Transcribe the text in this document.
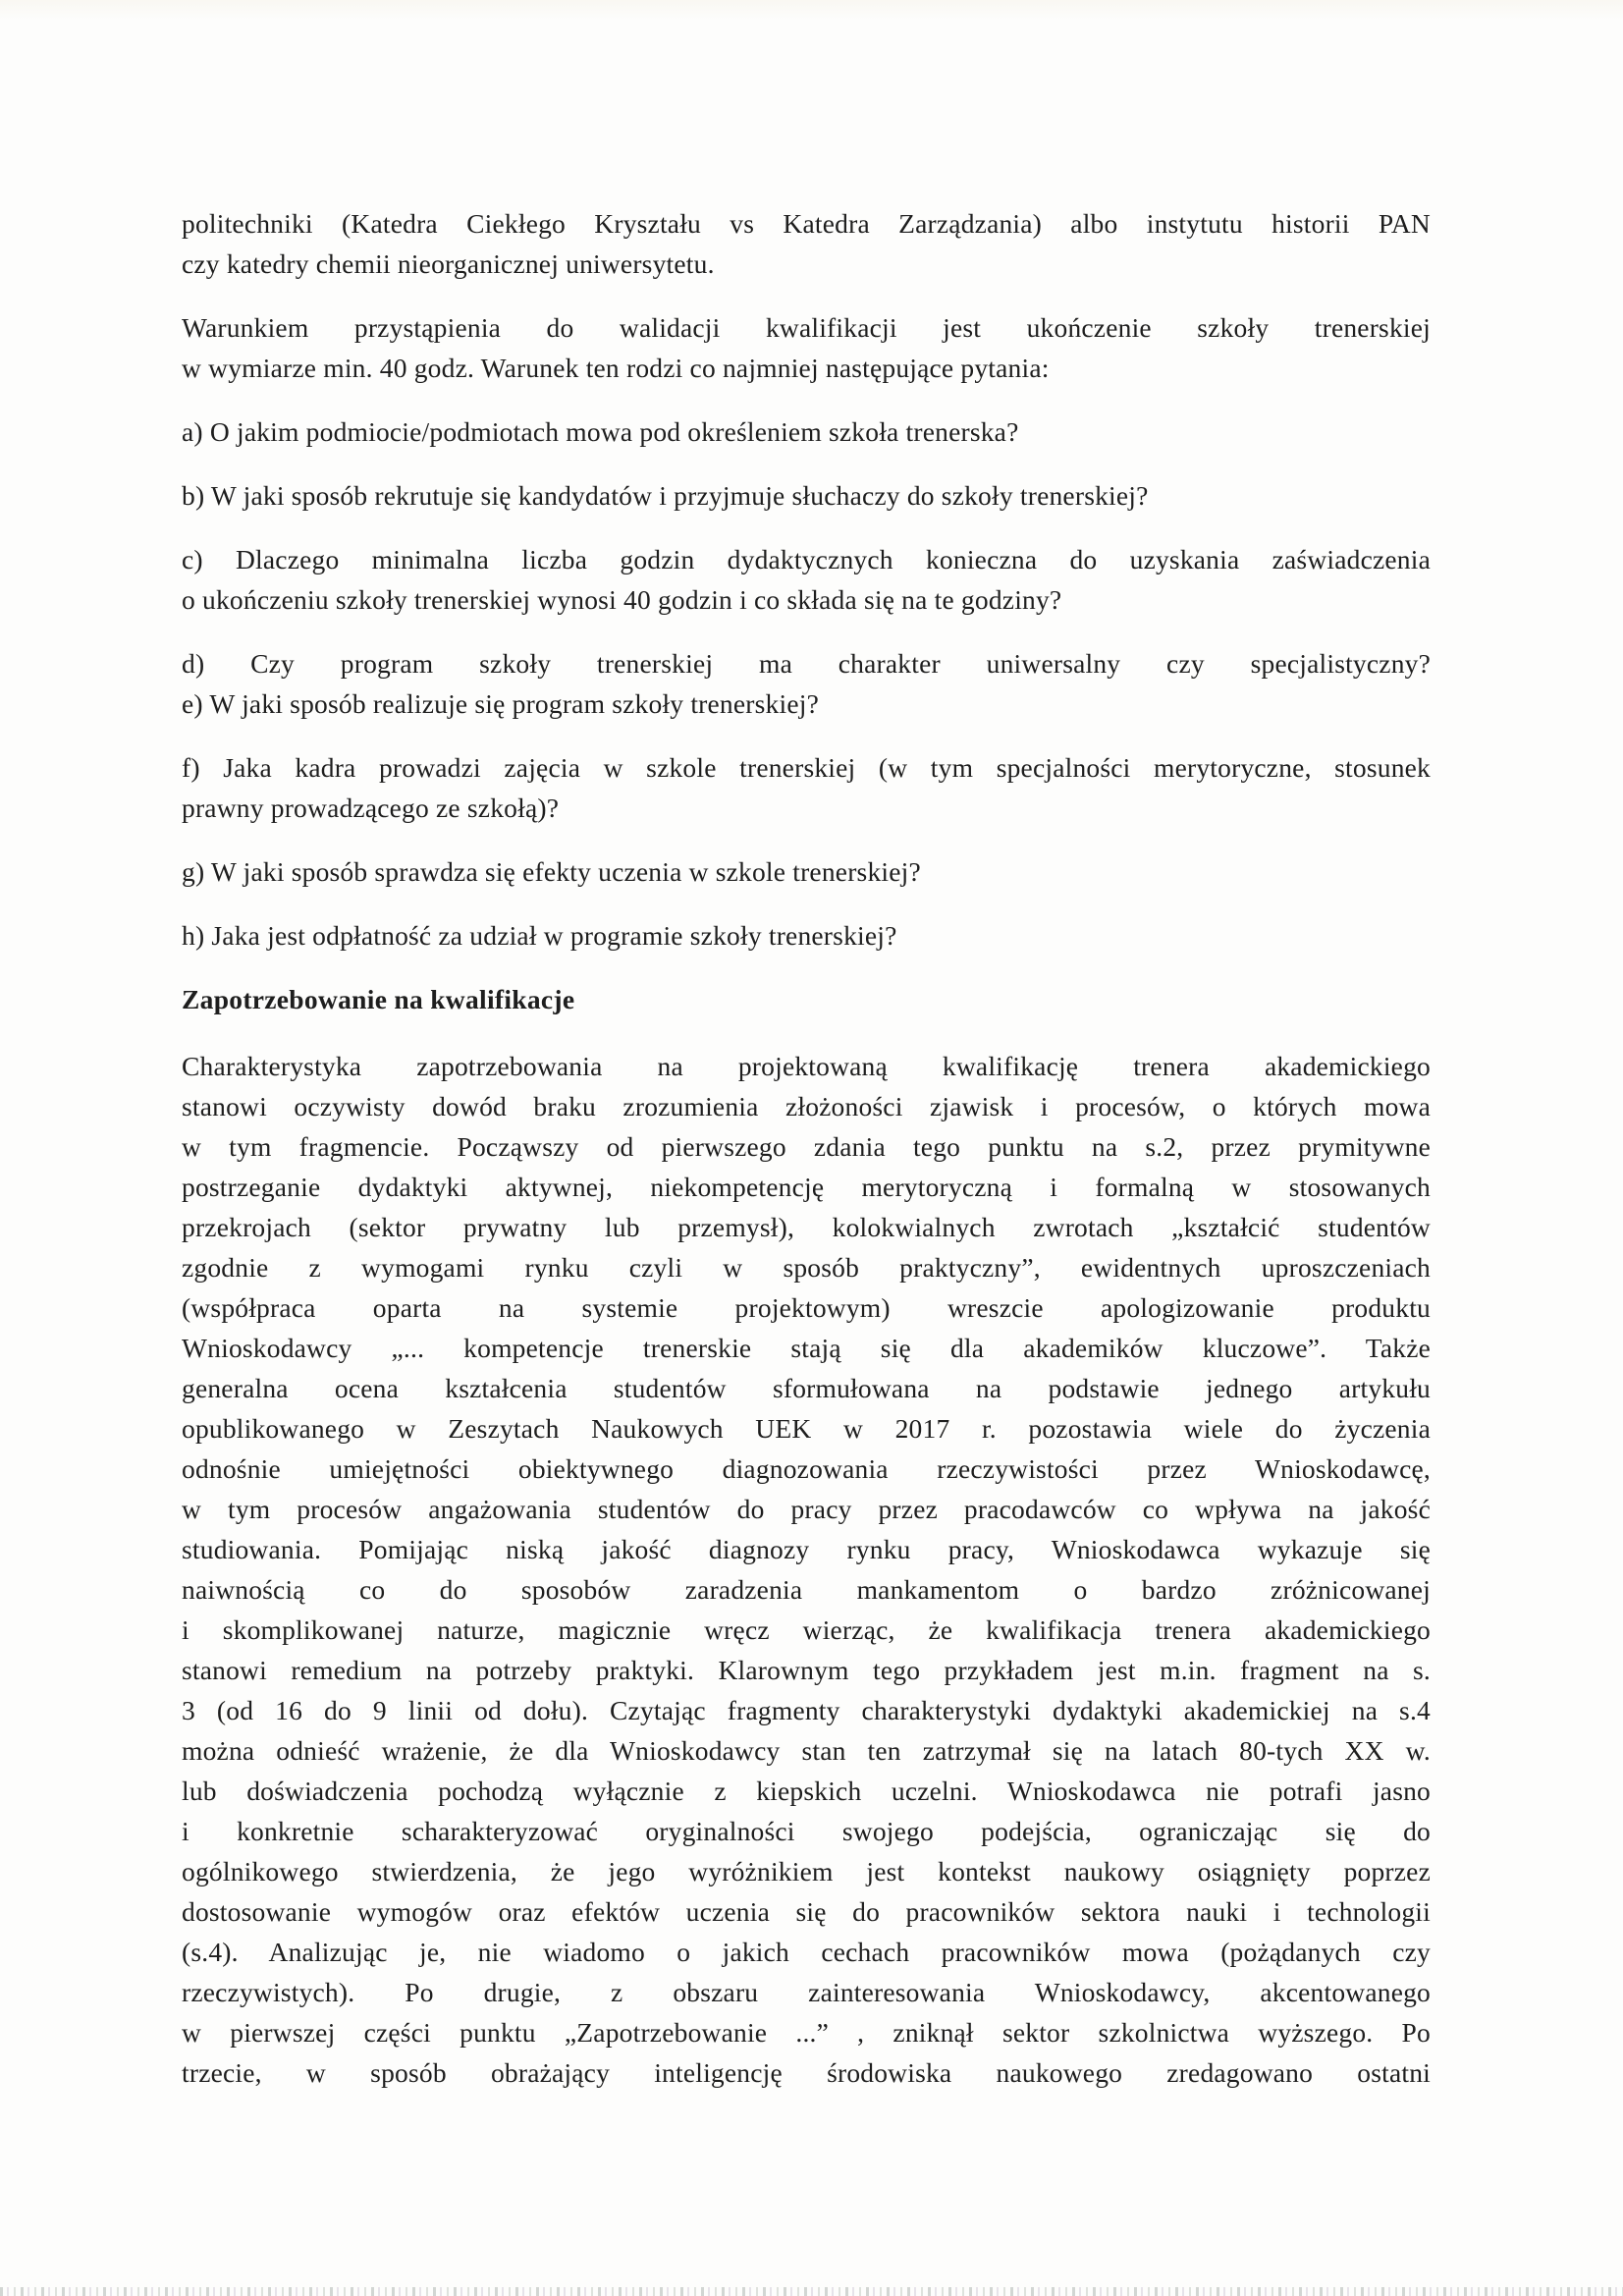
politechniki (Katedra Ciekłego Kryształu vs Katedra Zarządzania) albo instytutu historii PAN
czy katedry chemii nieorganicznej uniwersytetu.
Warunkiem przystąpienia do walidacji kwalifikacji jest ukończenie szkoły trenerskiej
w wymiarze min. 40 godz. Warunek ten rodzi co najmniej następujące pytania:
a) O jakim podmiocie/podmiotach mowa pod określeniem szkoła trenerska?
b) W jaki sposób rekrutuje się kandydatów i przyjmuje słuchaczy do szkoły trenerskiej?
c) Dlaczego minimalna liczba godzin dydaktycznych konieczna do uzyskania zaświadczenia
o ukończeniu szkoły trenerskiej wynosi 40 godzin i co składa się na te godziny?
d) Czy program szkoły trenerskiej ma charakter uniwersalny czy specjalistyczny?
e) W jaki sposób realizuje się program szkoły trenerskiej?
f) Jaka kadra prowadzi zajęcia w szkole trenerskiej (w tym specjalności merytoryczne, stosunek
prawny prowadzącego ze szkołą)?
g) W jaki sposób sprawdza się efekty uczenia w szkole trenerskiej?
h) Jaka jest odpłatność za udział w programie szkoły trenerskiej?
Zapotrzebowanie na kwalifikacje
Charakterystyka zapotrzebowania na projektowaną kwalifikację trenera akademickiego
stanowi oczywisty dowód braku zrozumienia złożoności zjawisk i procesów, o których mowa
w tym fragmencie. Począwszy od pierwszego zdania tego punktu na s.2, przez prymitywne
postrzeganie dydaktyki aktywnej, niekompetencję merytoryczną i formalną w stosowanych
przekrojach (sektor prywatny lub przemysł), kolokwialnych zwrotach „kształcić studentów
zgodnie z wymogami rynku czyli w sposób praktyczny”, ewidentnych uproszczeniach
(współpraca oparta na systemie projektowym) wreszcie apologizowanie produktu
Wnioskodawcy „... kompetencje trenerskie stają się dla akademików kluczowe”. Także
generalna ocena kształcenia studentów sformułowana na podstawie jednego artykułu
opublikowanego w Zeszytach Naukowych UEK w 2017 r. pozostawia wiele do życzenia
odnośnie umiejętności obiektywnego diagnozowania rzeczywistości przez Wnioskodawcę,
w tym procesów angażowania studentów do pracy przez pracodawców co wpływa na jakość
studiowania. Pomijając niską jakość diagnozy rynku pracy, Wnioskodawca wykazuje się
naiwnością co do sposobów zaradzenia mankamentom o bardzo zróżnicowanej
i skomplikowanej naturze, magicznie wręcz wierząc, że kwalifikacja trenera akademickiego
stanowi remedium na potrzeby praktyki. Klarownym tego przykładem jest m.in. fragment na s.
3 (od 16 do 9 linii od dołu). Czytając fragmenty charakterystyki dydaktyki akademickiej na s.4
można odnieść wrażenie, że dla Wnioskodawcy stan ten zatrzymał się na latach 80-tych XX w.
lub doświadczenia pochodzą wyłącznie z kiepskich uczelni. Wnioskodawca nie potrafi jasno
i konkretnie scharakteryzować oryginalności swojego podejścia, ograniczając się do
ogólnikowego stwierdzenia, że jego wyróżnikiem jest kontekst naukowy osiągnięty poprzez
dostosowanie wymogów oraz efektów uczenia się do pracowników sektora nauki i technologii
(s.4). Analizując je, nie wiadomo o jakich cechach pracowników mowa (pożądanych czy
rzeczywistych). Po drugie, z obszaru zainteresowania Wnioskodawcy, akcentowanego
w pierwszej części punktu „Zapotrzebowanie ...” , zniknął sektor szkolnictwa wyższego. Po
trzecie, w sposób obrażający inteligencję środowiska naukowego zredagowano ostatni
